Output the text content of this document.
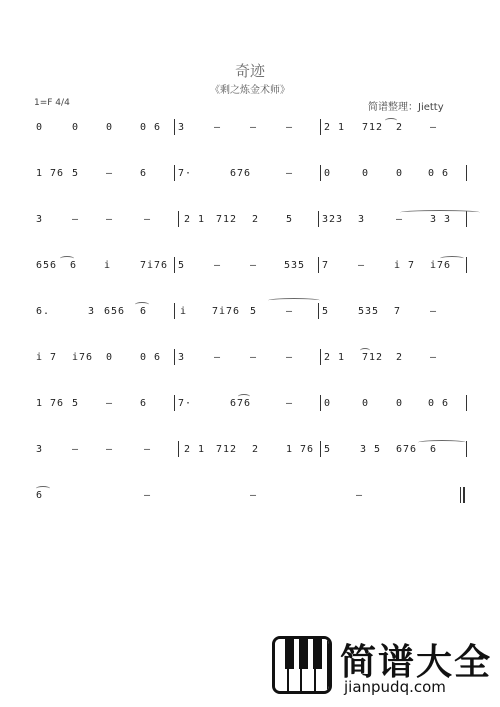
奇迹
《剩之炼金术师》
1=F 4/4	简谱整理：Jietty
0	0	0	0 6 3	–	–	–	2 1 712 2	–
1 76 5	–	6	7·	676	–	0	0	0 0 6
3	–	–	–	2 1 712 2	5	323 3	–	3 3
656 6	i	7i76 5	–	–	535 7	–	i 7 i76
6.	3 656 6	i 7i76 5	–	5	535 7	–
i 7 i76 0	0 6 3	–	–	–	2 1 712 2	–
1 76 5	–	6	7·	676	–	0	0	0 0 6
3	–	–	–	2 1 712 2	1 76 5	3 5 676 6
6	–	–	–
简谱大全
jianpudq.com
